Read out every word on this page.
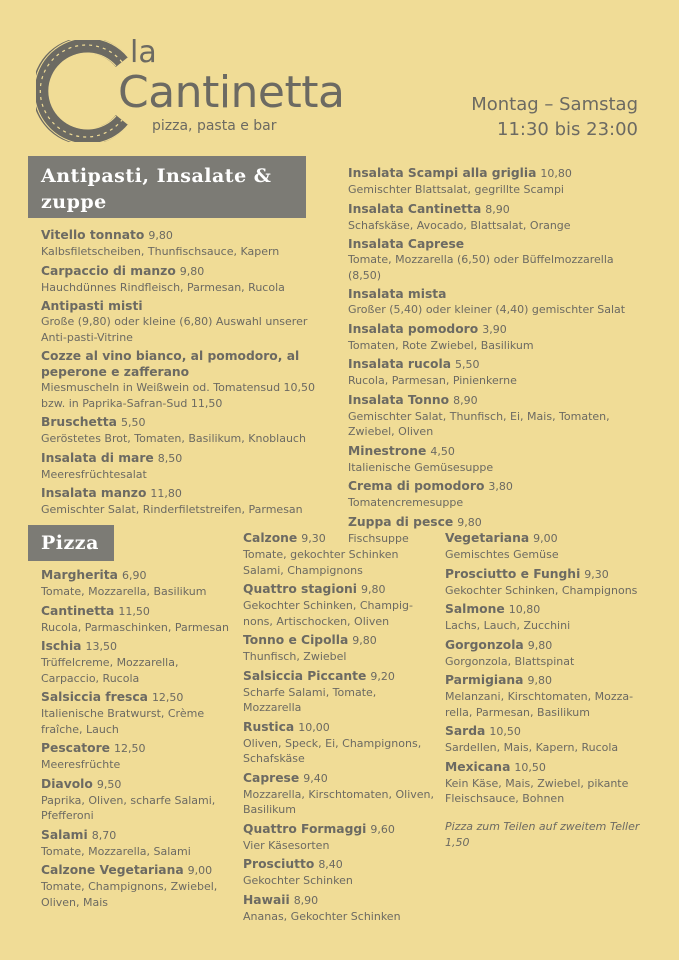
la
Cantinetta
pizza, pasta e bar
Montag – Samstag
11:30 bis 23:00
Antipasti, Insalate &
zuppe
Vitello tonnato 9,80
Kalbsfiletscheiben, Thunfischsauce, Kapern
Carpaccio di manzo 9,80
Hauchdünnes Rindfleisch, Parmesan, Rucola
Antipasti misti
Große (9,80) oder kleine (6,80) Auswahl unserer Anti-pasti-Vitrine
Cozze al vino bianco, al pomodoro, al peperone e zafferano
Miesmuscheln in Weißwein od. Tomatensud 10,50 bzw. in Paprika-Safran-Sud 11,50
Bruschetta 5,50
Geröstetes Brot, Tomaten, Basilikum, Knoblauch
Insalata di mare 8,50
Meeresfrüchtesalat
Insalata manzo 11,80
Gemischter Salat, Rinderfiletstreifen, Parmesan
Insalata Scampi alla griglia 10,80
Gemischter Blattsalat, gegrillte Scampi
Insalata Cantinetta 8,90
Schafskäse, Avocado, Blattsalat, Orange
Insalata Caprese
Tomate, Mozzarella (6,50) oder Büffelmozzarella (8,50)
Insalata mista
Großer (5,40) oder kleiner (4,40) gemischter Salat
Insalata pomodoro 3,90
Tomaten, Rote Zwiebel, Basilikum
Insalata rucola 5,50
Rucola, Parmesan, Pinienkerne
Insalata Tonno 8,90
Gemischter Salat, Thunfisch, Ei, Mais, Tomaten, Zwiebel, Oliven
Minestrone 4,50
Italienische Gemüsesuppe
Crema di pomodoro 3,80
Tomatencremesuppe
Zuppa di pesce 9,80
Fischsuppe
Pizza
Margherita 6,90
Tomate, Mozzarella, Basilikum
Cantinetta 11,50
Rucola, Parmaschinken, Parmesan
Ischia 13,50
Trüffelcreme, Mozzarella, Carpaccio, Rucola
Salsiccia fresca 12,50
Italienische Bratwurst, Crème fraîche, Lauch
Pescatore 12,50
Meeresfrüchte
Diavolo 9,50
Paprika, Oliven, scharfe Salami, Pfefferoni
Salami 8,70
Tomate, Mozzarella, Salami
Calzone Vegetariana 9,00
Tomate, Champignons, Zwiebel, Oliven, Mais
Calzone 9,30
Tomate, gekochter Schinken Salami, Champignons
Quattro stagioni 9,80
Gekochter Schinken, Champig-nons, Artischocken, Oliven
Tonno e Cipolla 9,80
Thunfisch, Zwiebel
Salsiccia Piccante 9,20
Scharfe Salami, Tomate, Mozzarella
Rustica 10,00
Oliven, Speck, Ei, Champignons, Schafskäse
Caprese 9,40
Mozzarella, Kirschtomaten, Oliven, Basilikum
Quattro Formaggi 9,60
Vier Käsesorten
Prosciutto 8,40
Gekochter Schinken
Hawaii 8,90
Ananas, Gekochter Schinken
Vegetariana 9,00
Gemischtes Gemüse
Prosciutto e Funghi 9,30
Gekochter Schinken, Champignons
Salmone 10,80
Lachs, Lauch, Zucchini
Gorgonzola 9,80
Gorgonzola, Blattspinat
Parmigiana 9,80
Melanzani, Kirschtomaten, Mozza-rella, Parmesan, Basilikum
Sarda 10,50
Sardellen, Mais, Kapern, Rucola
Mexicana 10,50
Kein Käse, Mais, Zwiebel, pikante Fleischsauce, Bohnen
Pizza zum Teilen auf zweitem Teller 1,50
